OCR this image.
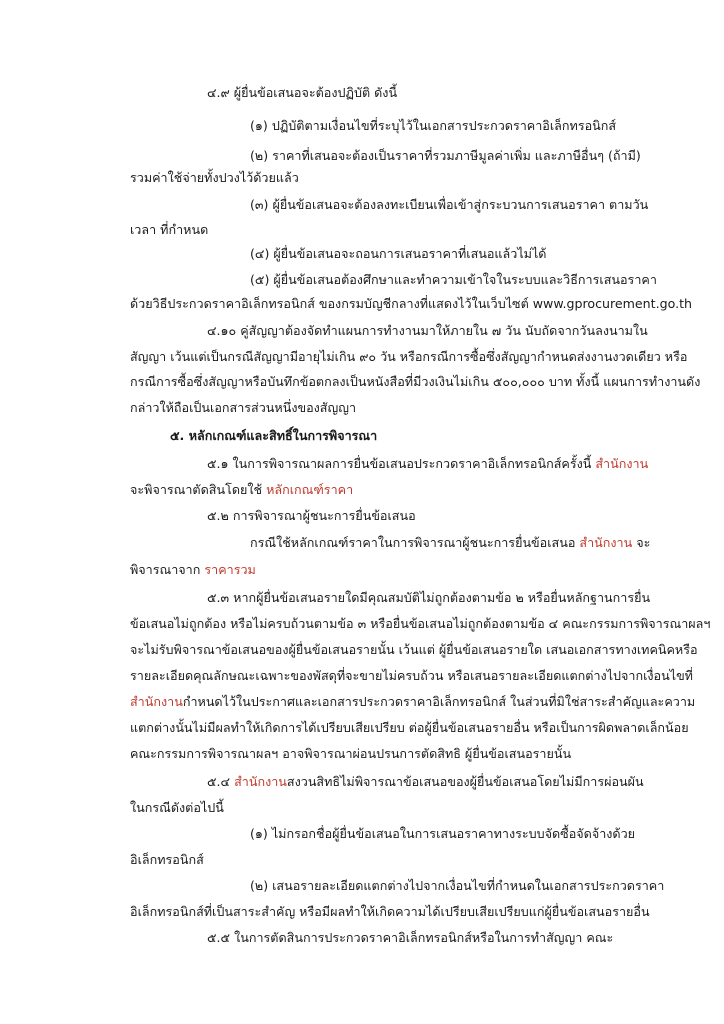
๔.๙ ผู้ยื่นข้อเสนอจะต้องปฏิบัติ ดังนี้
(๑) ปฏิบัติตามเงื่อนไขที่ระบุไว้ในเอกสารประกวดราคาอิเล็กทรอนิกส์
(๒) ราคาที่เสนอจะต้องเป็นราคาที่รวมภาษีมูลค่าเพิ่ม และภาษีอื่นๆ (ถ้ามี)
รวมค่าใช้จ่ายทั้งปวงไว้ด้วยแล้ว
(๓) ผู้ยื่นข้อเสนอจะต้องลงทะเบียนเพื่อเข้าสู่กระบวนการเสนอราคา ตามวัน
เวลา ที่กำหนด
(๔) ผู้ยื่นข้อเสนอจะถอนการเสนอราคาที่เสนอแล้วไม่ได้
(๕) ผู้ยื่นข้อเสนอต้องศึกษาและทำความเข้าใจในระบบและวิธีการเสนอราคา
ด้วยวิธีประกวดราคาอิเล็กทรอนิกส์ ของกรมบัญชีกลางที่แสดงไว้ในเว็บไซต์ www.gprocurement.go.th
๔.๑๐ คู่สัญญาต้องจัดทำแผนการทำงานมาให้ภายใน ๗ วัน นับถัดจากวันลงนามใน
สัญญา เว้นแต่เป็นกรณีสัญญามีอายุไม่เกิน ๙๐ วัน หรือกรณีการซื้อซึ่งสัญญากำหนดส่งงานงวดเดียว หรือ
กรณีการซื้อซึ่งสัญญาหรือบันทึกข้อตกลงเป็นหนังสือที่มีวงเงินไม่เกิน ๕๐๐,๐๐๐ บาท ทั้งนี้ แผนการทำงานดัง
กล่าวให้ถือเป็นเอกสารส่วนหนึ่งของสัญญา
๕. หลักเกณฑ์และสิทธิ์ในการพิจารณา
๕.๑ ในการพิจารณาผลการยื่นข้อเสนอประกวดราคาอิเล็กทรอนิกส์ครั้งนี้ สำนักงาน
จะพิจารณาตัดสินโดยใช้ หลักเกณฑ์ราคา
๕.๒ การพิจารณาผู้ชนะการยื่นข้อเสนอ
กรณีใช้หลักเกณฑ์ราคาในการพิจารณาผู้ชนะการยื่นข้อเสนอ สำนักงาน จะ
พิจารณาจาก ราคารวม
๕.๓ หากผู้ยื่นข้อเสนอรายใดมีคุณสมบัติไม่ถูกต้องตามข้อ ๒ หรือยื่นหลักฐานการยื่น
ข้อเสนอไม่ถูกต้อง หรือไม่ครบถ้วนตามข้อ ๓ หรือยื่นข้อเสนอไม่ถูกต้องตามข้อ ๔ คณะกรรมการพิจารณาผลฯ
จะไม่รับพิจารณาข้อเสนอของผู้ยื่นข้อเสนอรายนั้น เว้นแต่ ผู้ยื่นข้อเสนอรายใด เสนอเอกสารทางเทคนิคหรือ
รายละเอียดคุณลักษณะเฉพาะของพัสดุที่จะขายไม่ครบถ้วน หรือเสนอรายละเอียดแตกต่างไปจากเงื่อนไขที่
สำนักงานกำหนดไว้ในประกาศและเอกสารประกวดราคาอิเล็กทรอนิกส์ ในส่วนที่มิใช่สาระสำคัญและความ
แตกต่างนั้นไม่มีผลทำให้เกิดการได้เปรียบเสียเปรียบ ต่อผู้ยื่นข้อเสนอรายอื่น หรือเป็นการผิดพลาดเล็กน้อย
คณะกรรมการพิจารณาผลฯ อาจพิจารณาผ่อนปรนการตัดสิทธิ ผู้ยื่นข้อเสนอรายนั้น
๕.๔ สำนักงานสงวนสิทธิไม่พิจารณาข้อเสนอของผู้ยื่นข้อเสนอโดยไม่มีการผ่อนผัน
ในกรณีดังต่อไปนี้
(๑) ไม่กรอกชื่อผู้ยื่นข้อเสนอในการเสนอราคาทางระบบจัดซื้อจัดจ้างด้วย
อิเล็กทรอนิกส์
(๒) เสนอรายละเอียดแตกต่างไปจากเงื่อนไขที่กำหนดในเอกสารประกวดราคา
อิเล็กทรอนิกส์ที่เป็นสาระสำคัญ หรือมีผลทำให้เกิดความได้เปรียบเสียเปรียบแก่ผู้ยื่นข้อเสนอรายอื่น
๕.๕ ในการตัดสินการประกวดราคาอิเล็กทรอนิกส์หรือในการทำสัญญา คณะ
